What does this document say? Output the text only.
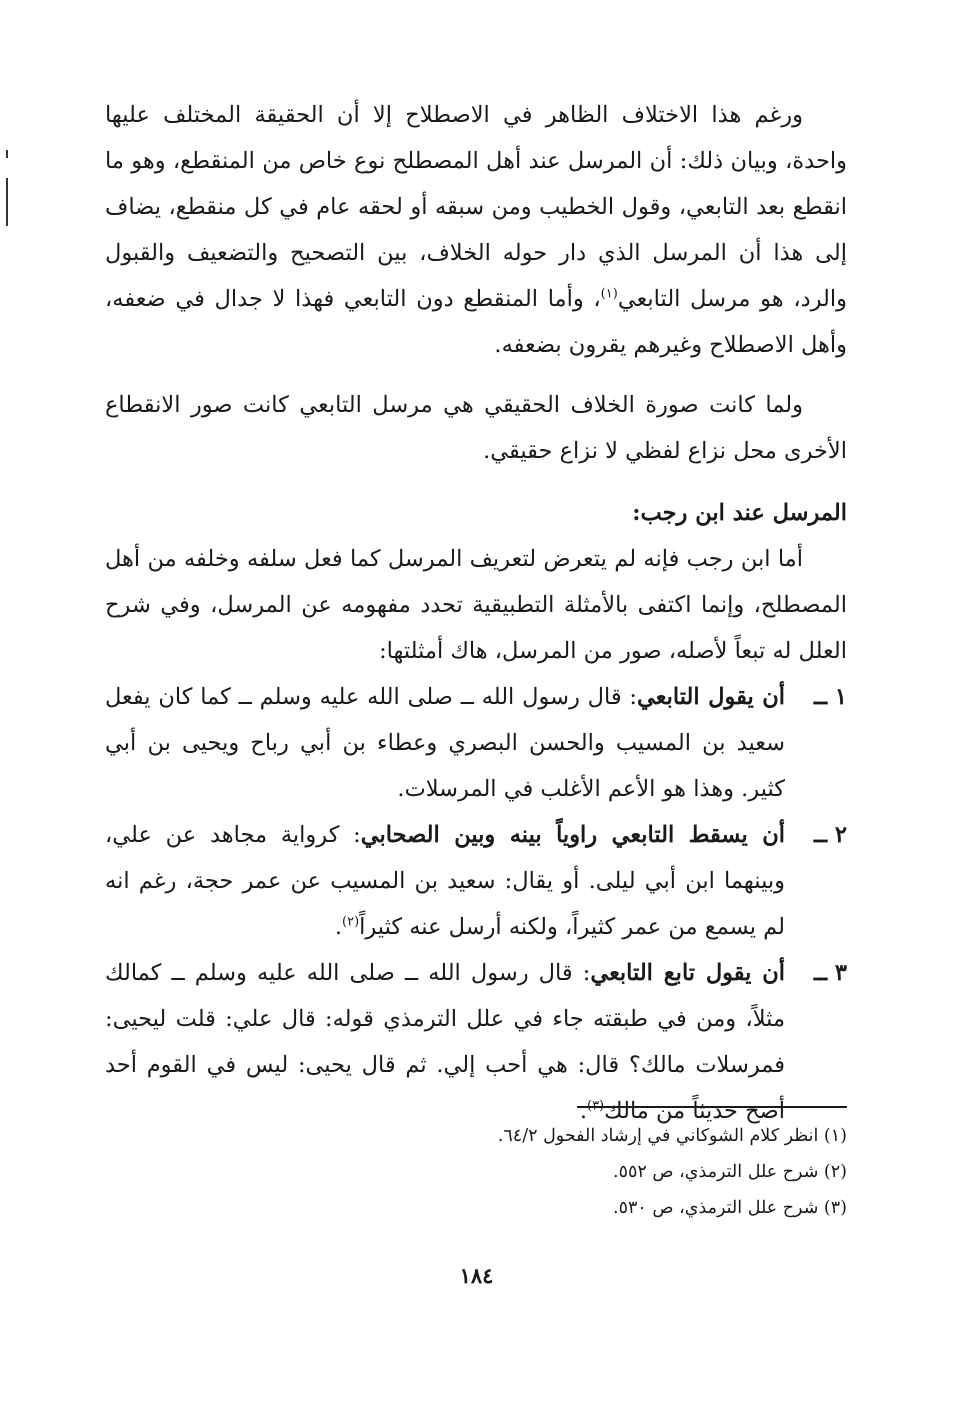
ورغم هذا الاختلاف الظاهر في الاصطلاح إلا أن الحقيقة المختلف عليها واحدة، وبيان ذلك: أن المرسل عند أهل المصطلح نوع خاص من المنقطع، وهو ما انقطع بعد التابعي، وقول الخطيب ومن سبقه أو لحقه عام في كل منقطع، يضاف إلى هذا أن المرسل الذي دار حوله الخلاف، بين التصحيح والتضعيف والقبول والرد، هو مرسل التابعي$^{(١)}$، وأما المنقطع دون التابعي فهذا لا جدال في ضعفه، وأهل الاصطلاح وغيرهم يقرون بضعفه.

ولما كانت صورة الخلاف الحقيقي هي مرسل التابعي كانت صور الانقطاع الأخرى محل نزاع لفظي لا نزاع حقيقي.

المرسل عند ابن رجب:

أما ابن رجب فإنه لم يتعرض لتعريف المرسل كما فعل سلفه وخلفه من أهل المصطلح، وإنما اكتفى بالأمثلة التطبيقية تحدد مفهومه عن المرسل، وفي شرح العلل له تبعاً لأصله، صور من المرسل، هاك أمثلتها:

١ ــ
أن يقول التابعي: قال رسول الله ــ صلى الله عليه وسلم ــ كما كان يفعل سعيد بن المسيب والحسن البصري وعطاء بن أبي رباح ويحيى بن أبي كثير. وهذا هو الأعم الأغلب في المرسلات.

٢ ــ
أن يسقط التابعي راوياً بينه وبين الصحابي: كرواية مجاهد عن علي، وبينهما ابن أبي ليلى. أو يقال: سعيد بن المسيب عن عمر حجة، رغم انه لم يسمع من عمر كثيراً، ولكنه أرسل عنه كثيراً$^{(٢)}$.

٣ ــ
أن يقول تابع التابعي: قال رسول الله ــ صلى الله عليه وسلم ــ كمالك مثلاً، ومن في طبقته جاء في علل الترمذي قوله: قال علي: قلت ليحيى: فمرسلات مالك؟ قال: هي أحب إلي. ثم قال يحيى: ليس في القوم أحد أصح حديثاً من مالك$^{(٣)}$.

(١) انظر كلام الشوكاني في إرشاد الفحول ٦٤/٢.

(٢) شرح علل الترمذي، ص ٥٥٢.

(٣) شرح علل الترمذي، ص ٥٣٠.

١٨٤
